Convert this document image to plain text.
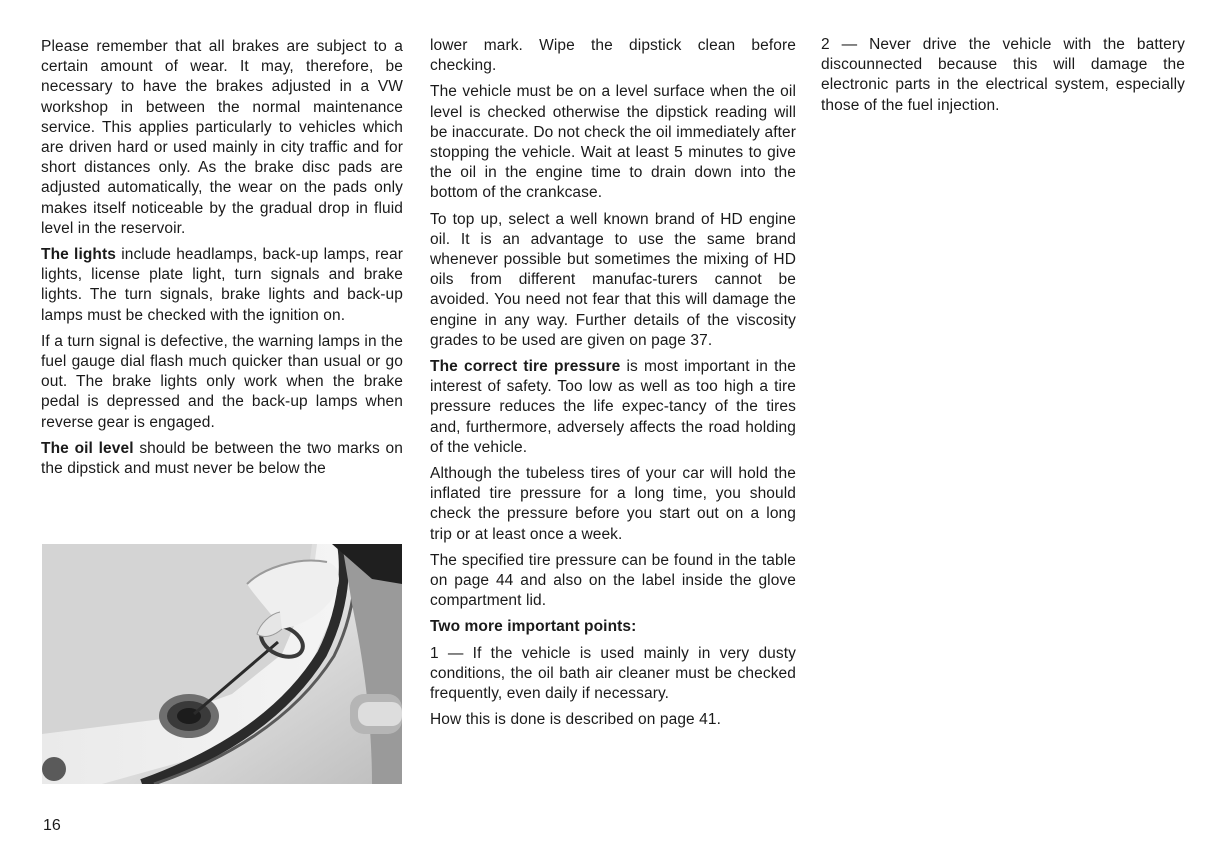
Please remember that all brakes are subject to a certain amount of wear. It may, therefore, be necessary to have the brakes adjusted in a VW workshop in between the normal maintenance service. This applies particularly to vehicles which are driven hard or used mainly in city traffic and for short distances only. As the brake disc pads are adjusted automatically, the wear on the pads only makes itself noticeable by the gradual drop in fluid level in the reservoir.

The lights include headlamps, back-up lamps, rear lights, license plate light, turn signals and brake lights. The turn signals, brake lights and back-up lamps must be checked with the ignition on.

If a turn signal is defective, the warning lamps in the fuel gauge dial flash much quicker than usual or go out. The brake lights only work when the brake pedal is depressed and the back-up lamps when reverse gear is engaged.

The oil level should be between the two marks on the dipstick and must never be below the

lower mark. Wipe the dipstick clean before checking.

The vehicle must be on a level surface when the oil level is checked otherwise the dipstick reading will be inaccurate. Do not check the oil immediately after stopping the vehicle. Wait at least 5 minutes to give the oil in the engine time to drain down into the bottom of the crankcase.

To top up, select a well known brand of HD engine oil. It is an advantage to use the same brand whenever possible but sometimes the mixing of HD oils from different manufac-turers cannot be avoided. You need not fear that this will damage the engine in any way. Further details of the viscosity grades to be used are given on page 37.

The correct tire pressure is most important in the interest of safety. Too low as well as too high a tire pressure reduces the life expec-tancy of the tires and, furthermore, adversely affects the road holding of the vehicle.

Although the tubeless tires of your car will hold the inflated tire pressure for a long time, you should check the pressure before you start out on a long trip or at least once a week.

The specified tire pressure can be found in the table on page 44 and also on the label inside the glove compartment lid.

Two more important points:

1 — If the vehicle is used mainly in very dusty conditions, the oil bath air cleaner must be checked frequently, even daily if necessary.

How this is done is described on page 41.

2 — Never drive the vehicle with the battery discounnected because this will damage the electronic parts in the electrical system, especially those of the fuel injection.

16
